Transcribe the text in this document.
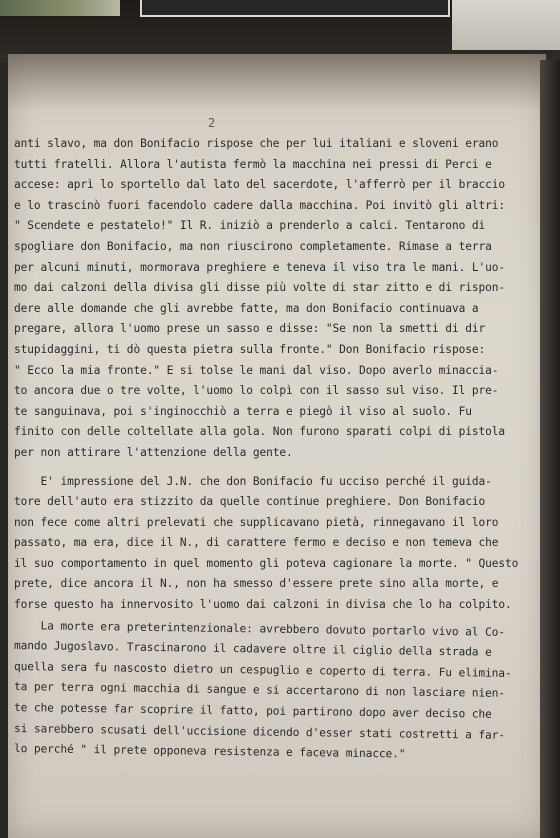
2
anti slavo, ma don Bonifacio rispose che per lui italiani e sloveni erano
tutti fratelli. Allora l'autista fermò la macchina nei pressi di Perci e
accese: aprì lo sportello dal lato del sacerdote, l'afferrò per il braccio
e lo trascinò fuori facendolo cadere dalla macchina. Poi invitò gli altri:
" Scendete e pestatelo!" Il R. iniziò a prenderlo a calci. Tentarono di
spogliare don Bonifacio, ma non riuscirono completamente. Rimase a terra
per alcuni minuti, mormorava preghiere e teneva il viso tra le mani. L'uo-
mo dai calzoni della divisa gli disse più volte di star zitto e di rispon-
dere alle domande che gli avrebbe fatte, ma don Bonifacio continuava a
pregare, allora l'uomo prese un sasso e disse: "Se non la smetti di dir
stupidaggini, ti dò questa pietra sulla fronte." Don Bonifacio rispose:
" Ecco la mia fronte." E si tolse le mani dal viso. Dopo averlo minaccia-
to ancora due o tre volte, l'uomo lo colpì con il sasso sul viso. Il pre-
te sanguinava, poi s'inginocchiò a terra e piegò il viso al suolo. Fu
finito con delle coltellate alla gola. Non furono sparati colpi di pistola
per non attirare l'attenzione della gente.
E' impressione del J.N. che don Bonifacio fu ucciso perché il guida-
tore dell'auto era stizzito da quelle continue preghiere. Don Bonifacio
non fece come altri prelevati che supplicavano pietà, rinnegavano il loro
passato, ma era, dice il N., di carattere fermo e deciso e non temeva che
il suo comportamento in quel momento gli poteva cagionare la morte. " Questo
prete, dice ancora il N., non ha smesso d'essere prete sino alla morte, e
forse questo ha innervosito l'uomo dai calzoni in divisa che lo ha colpito.
La morte era preterintenzionale: avrebbero dovuto portarlo vivo al Co-
mando Jugoslavo. Trascinarono il cadavere oltre il ciglio della strada e
quella sera fu nascosto dietro un cespuglio e coperto di terra. Fu elimina-
ta per terra ogni macchia di sangue e si accertarono di non lasciare nien-
te che potesse far scoprire il fatto, poi partirono dopo aver deciso che
si sarebbero scusati dell'uccisione dicendo d'esser stati costretti a far-
lo perché " il prete opponeva resistenza e faceva minacce."
